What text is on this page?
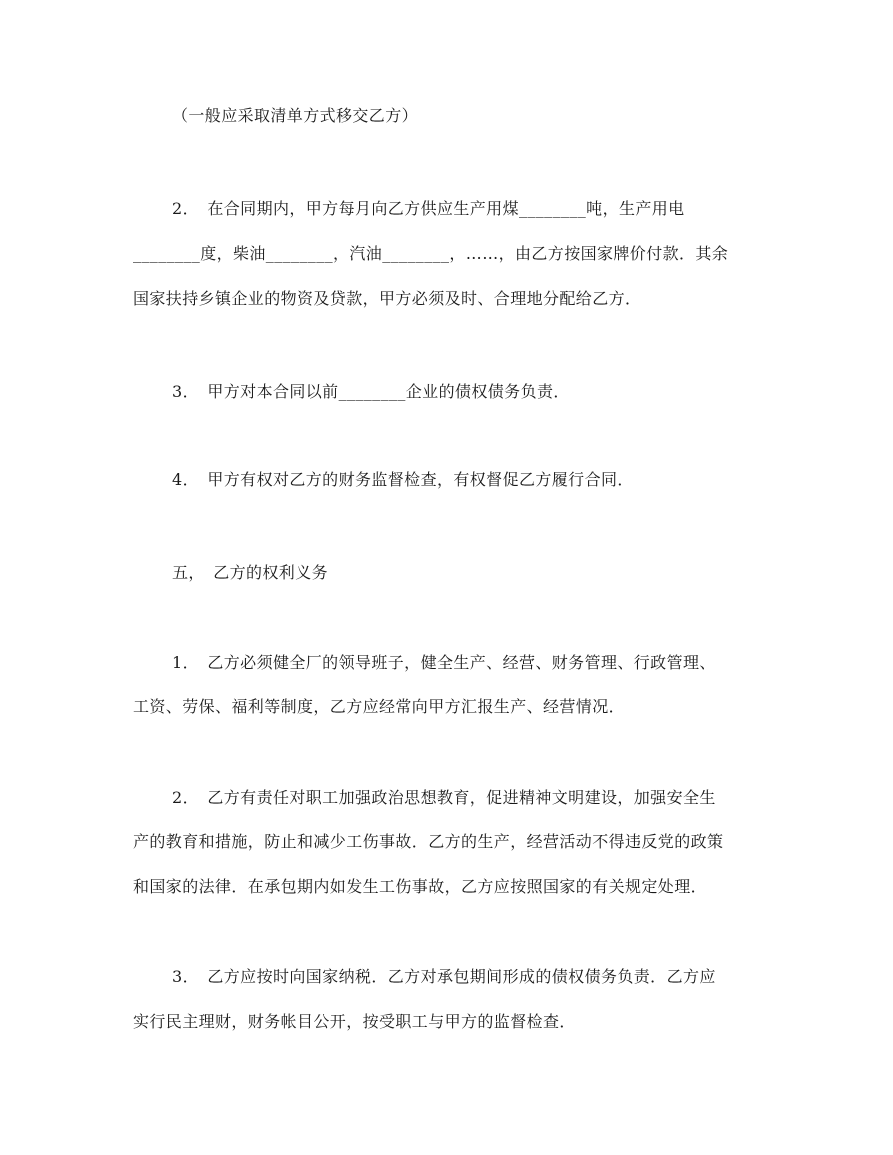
（一般应采取清单方式移交乙方）
2．　在合同期内，甲方每月向乙方供应生产用煤________吨，生产用电
________度，柴油________，汽油________，……，由乙方按国家牌价付款．其余
国家扶持乡镇企业的物资及贷款，甲方必须及时、合理地分配给乙方．
3．　甲方对本合同以前________企业的债权债务负责．
4．　甲方有权对乙方的财务监督检查，有权督促乙方履行合同．
五，　乙方的权利义务
1．　乙方必须健全厂的领导班子，健全生产、经营、财务管理、行政管理、
工资、劳保、福利等制度，乙方应经常向甲方汇报生产、经营情况．
2．　乙方有责任对职工加强政治思想教育，促进精神文明建设，加强安全生
产的教育和措施，防止和减少工伤事故．乙方的生产，经营活动不得违反党的政策
和国家的法律．在承包期内如发生工伤事故，乙方应按照国家的有关规定处理．
3．　乙方应按时向国家纳税．乙方对承包期间形成的债权债务负责．乙方应
实行民主理财，财务帐目公开，按受职工与甲方的监督检查．
